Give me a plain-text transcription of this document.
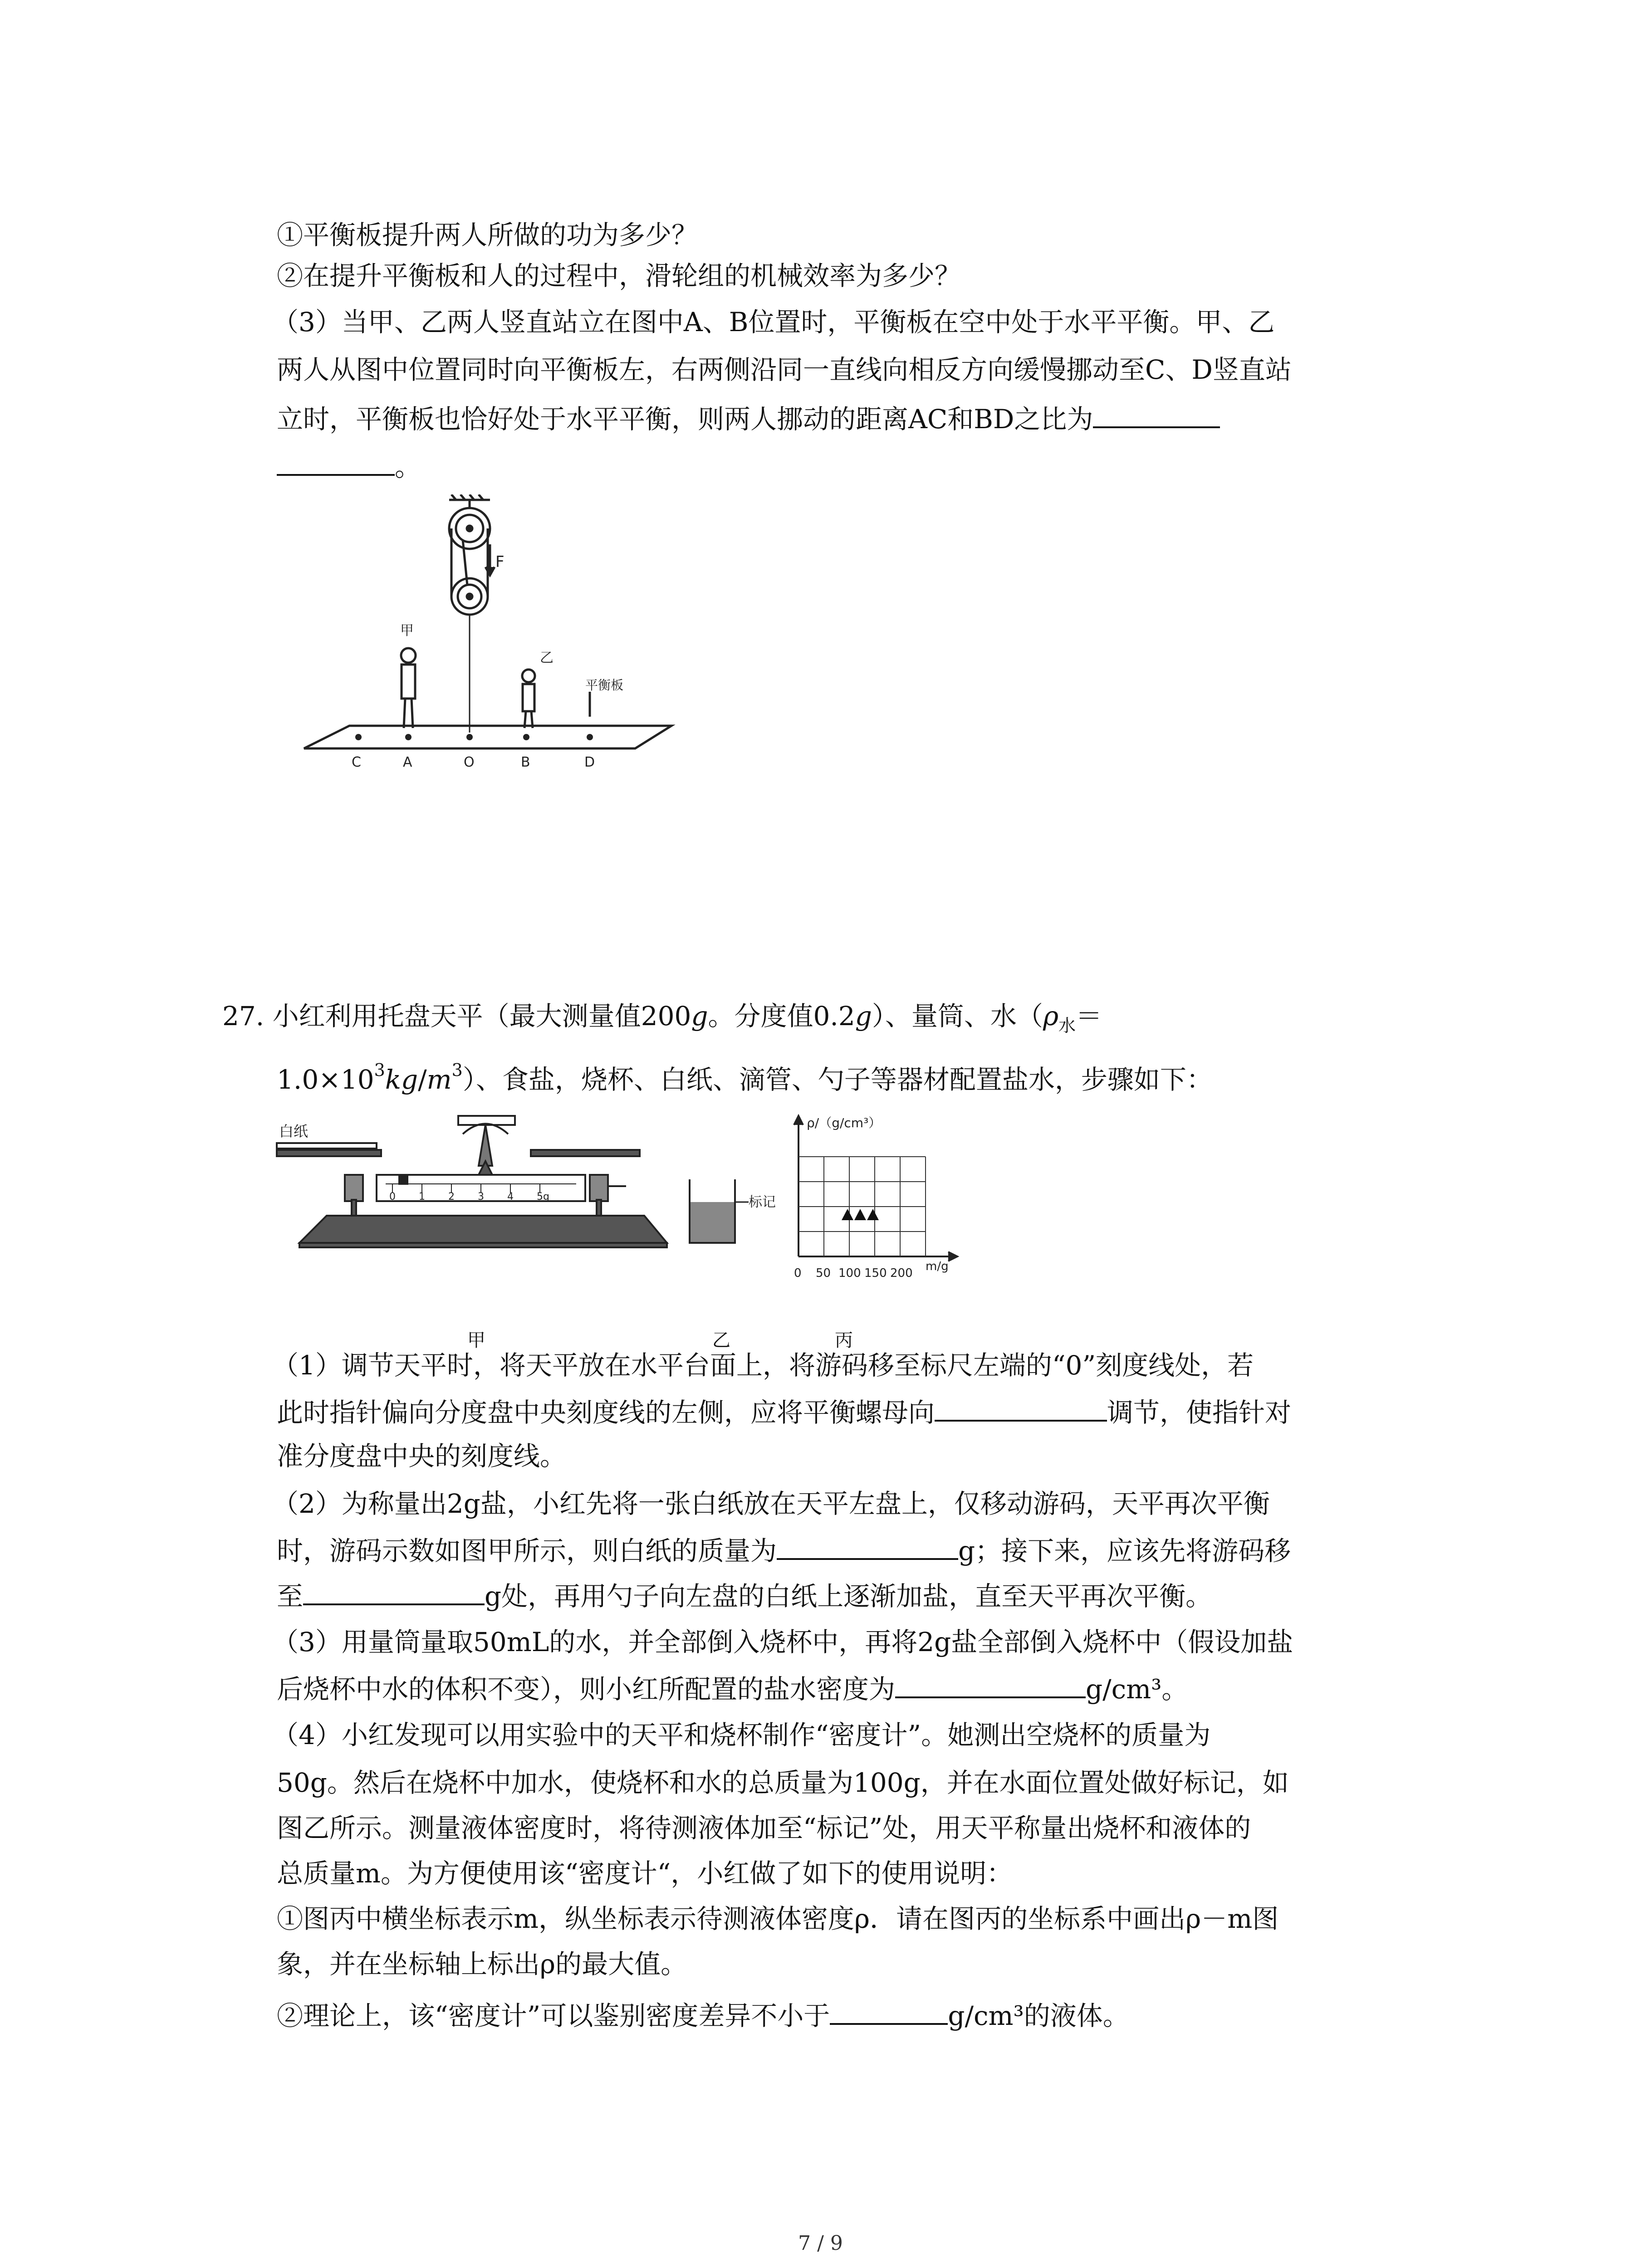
①平衡板提升两人所做的功为多少？
②在提升平衡板和人的过程中，滑轮组的机械效率为多少？
（3）当甲、乙两人竖直站立在图中A、B位置时，平衡板在空中处于水平平衡。甲、乙
两人从图中位置同时向平衡板左，右两侧沿同一直线向相反方向缓慢挪动至C、D竖直站
立时，平衡板也恰好处于水平平衡，则两人挪动的距离AC和BD之比为
。
F
甲
乙
平衡板
C	A	O	B	D
27. 小红利用托盘天平（最大测量值200g。分度值0.2g）、量筒、水（$\rho_水=$
$1.0\times 10^3kg/m^3$）、食盐，烧杯、白纸、滴管、勺子等器材配置盐水，步骤如下：
白纸
0 1 2 3 4 5g	标记
ρ/（g/cm³）
0 50 100 150 200 m/g
甲	乙	丙
（1）调节天平时，将天平放在水平台面上，将游码移至标尺左端的“0”刻度线处，若
此时指针偏向分度盘中央刻度线的左侧，应将平衡螺母向	调节，使指针对
准分度盘中央的刻度线。
（2）为称量出2g盐，小红先将一张白纸放在天平左盘上，仅移动游码，天平再次平衡
时，游码示数如图甲所示，则白纸的质量为	g；接下来，应该先将游码移
至	g处，再用勺子向左盘的白纸上逐渐加盐，直至天平再次平衡。
（3）用量筒量取50mL的水，并全部倒入烧杯中，再将2g盐全部倒入烧杯中（假设加盐
后烧杯中水的体积不变），则小红所配置的盐水密度为	g/cm³。
（4）小红发现可以用实验中的天平和烧杯制作“密度计”。她测出空烧杯的质量为
50g。然后在烧杯中加水，使烧杯和水的总质量为100g，并在水面位置处做好标记，如
图乙所示。测量液体密度时，将待测液体加至“标记”处，用天平称量出烧杯和液体的
总质量m。为方便使用该“密度计“，小红做了如下的使用说明：
①图丙中横坐标表示m，纵坐标表示待测液体密度ρ．请在图丙的坐标系中画出ρ－m图
象，并在坐标轴上标出ρ的最大值。
②理论上，该“密度计”可以鉴别密度差异不小于	g/cm³的液体。
7 / 9
